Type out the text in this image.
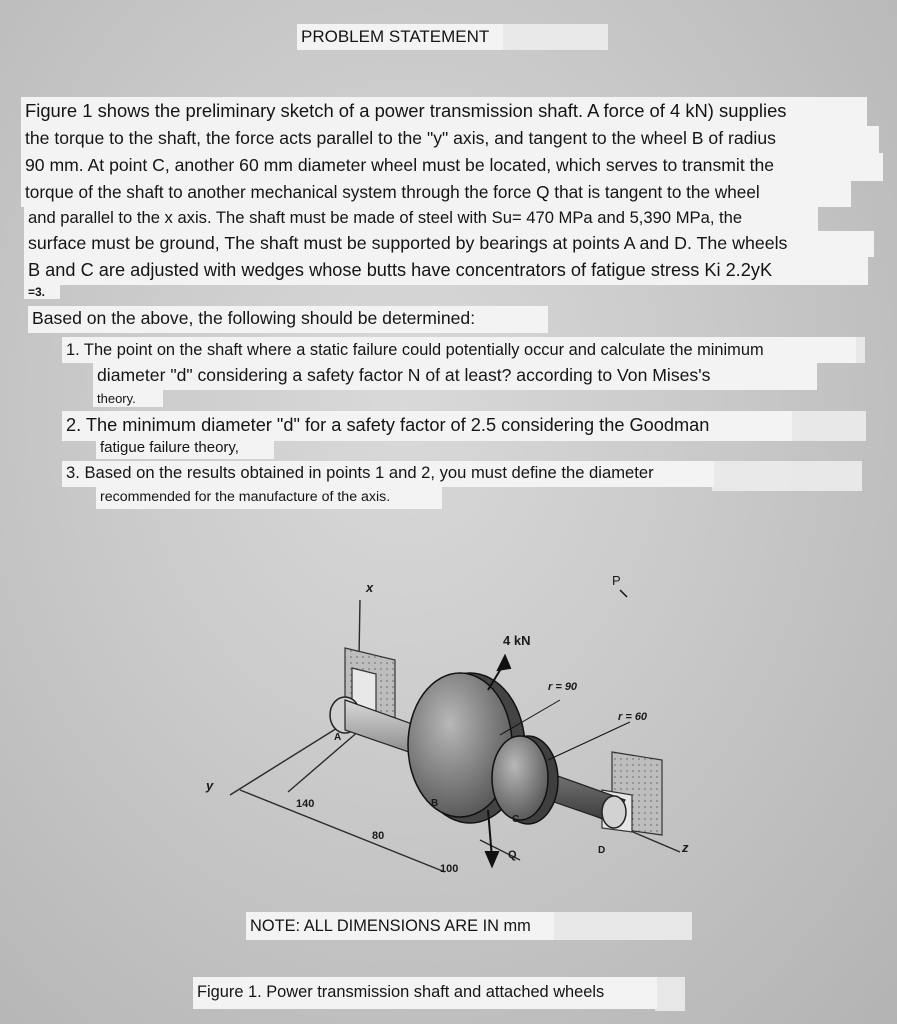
PROBLEM STATEMENT
Figure 1 shows the preliminary sketch of a power transmission shaft. A force of 4 kN) supplies
the torque to the shaft, the force acts parallel to the "y" axis, and tangent to the wheel B of radius
90 mm. At point C, another 60 mm diameter wheel must be located, which serves to transmit the
torque of the shaft to another mechanical system through the force Q that is tangent to the wheel
and parallel to the x axis. The shaft must be made of steel with Su= 470 MPa and 5,390 MPa, the
surface must be ground, The shaft must be supported by bearings at points A and D. The wheels
B and C are adjusted with wedges whose butts have concentrators of fatigue stress Ki 2.2yK
=3.
Based on the above, the following should be determined:
1. The point on the shaft where a static failure could potentially occur and calculate the minimum
diameter "d" considering a safety factor N of at least? according to Von Mises's
theory.
2. The minimum diameter "d" for a safety factor of 2.5 considering the Goodman
fatigue failure theory,
3. Based on the results obtained in points 1 and 2, you must define the diameter
recommended for the manufacture of the axis.
x
y
z
P
4 kN
r = 90
r = 60
A
B
C
D
Q
140
80
100
NOTE: ALL DIMENSIONS ARE IN mm
Figure 1. Power transmission shaft and attached wheels
